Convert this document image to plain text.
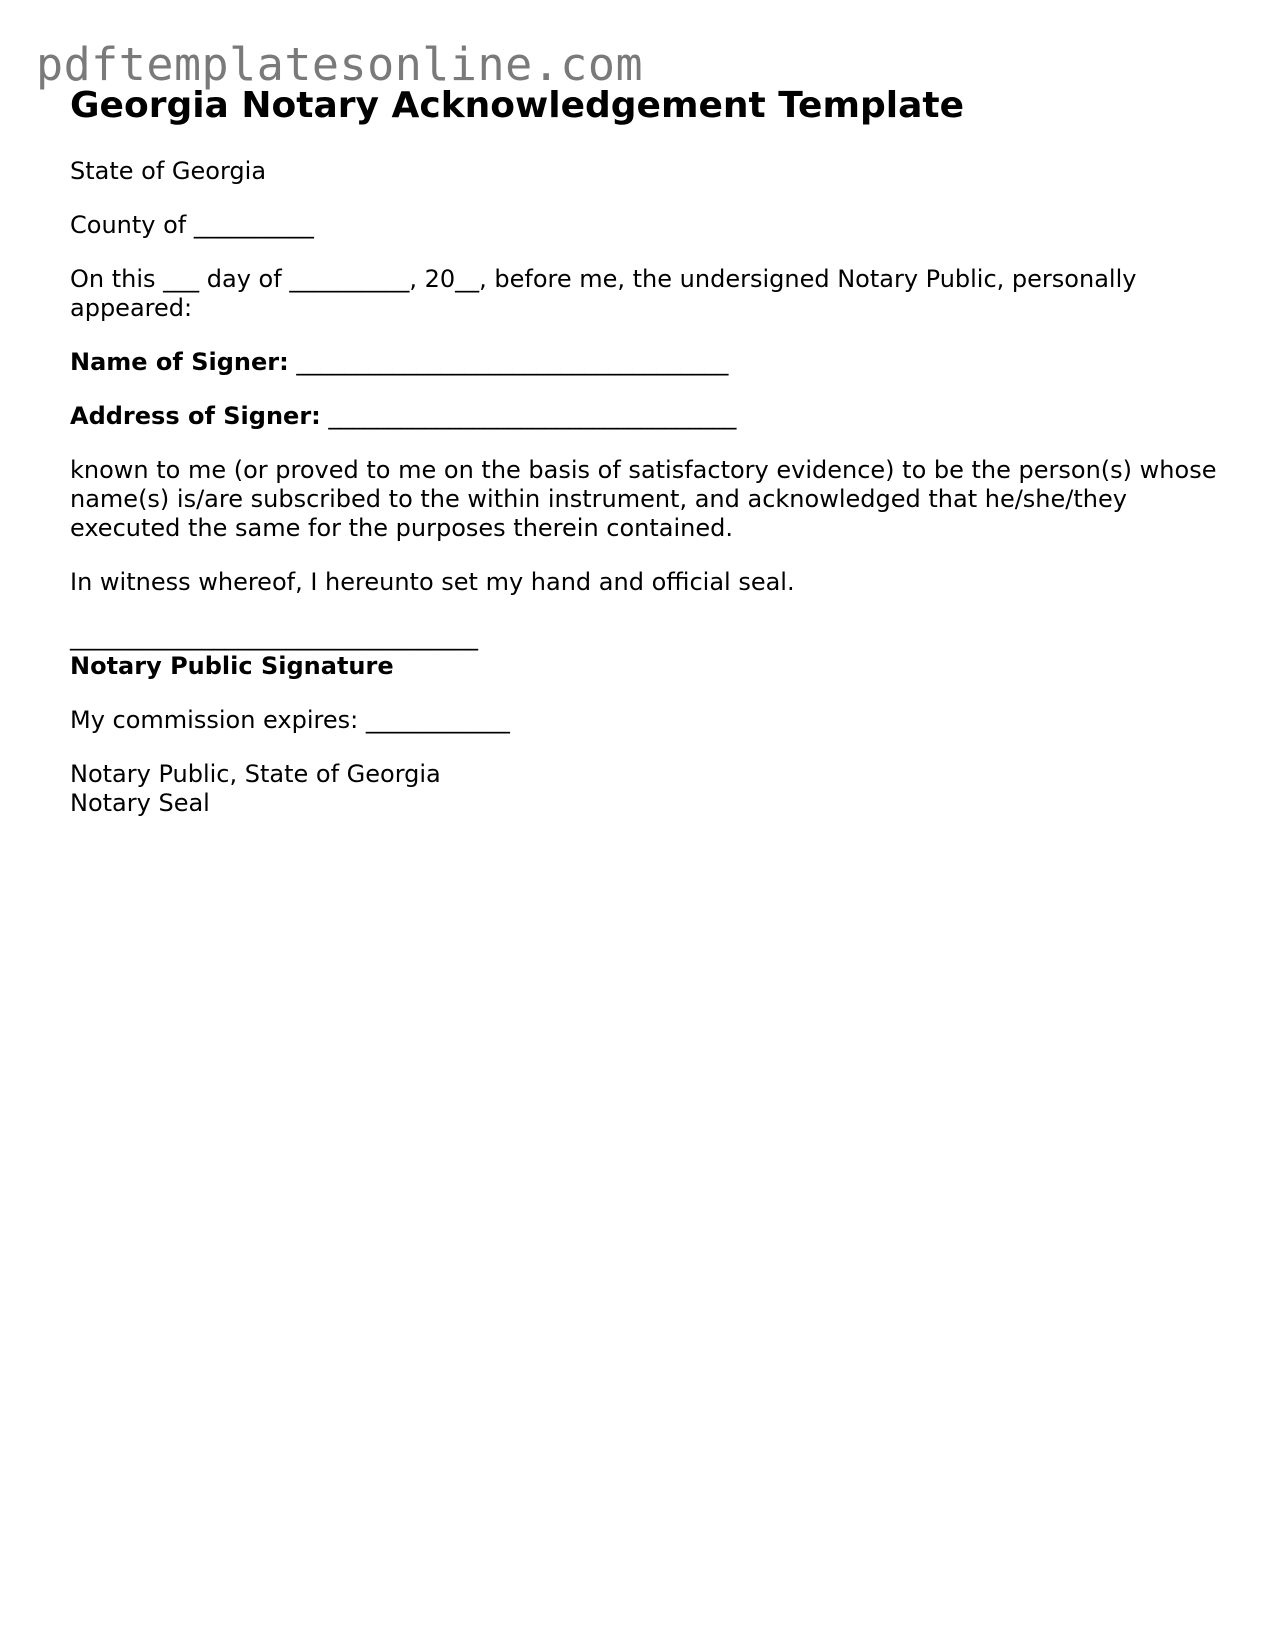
pdftemplatesonline.com
Georgia Notary Acknowledgement Template

State of Georgia

County of __________

On this ___ day of __________, 20__, before me, the undersigned Notary Public, personally appeared:

Name of Signer: ____________________________________

Address of Signer: __________________________________

known to me (or proved to me on the basis of satisfactory evidence) to be the person(s) whose name(s) is/are subscribed to the within instrument, and acknowledged that he/she/they executed the same for the purposes therein contained.

In witness whereof, I hereunto set my hand and official seal.

__________________________________
Notary Public Signature

My commission expires: ____________

Notary Public, State of Georgia
Notary Seal
